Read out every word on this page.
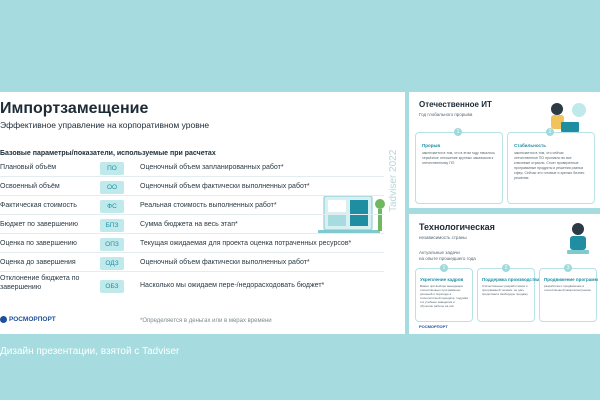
Импортзамещение
Эффективное управление на корпоративном уровне
Базовые параметры/показатели, используемые при расчетах
Плановый объём	ПО	Оценочный объем запланированных работ*
Освоенный объём	ОО	Оценочный объем фактически выполненных работ*
Фактическая стоимость	ФС	Реальная стоимость выполненных работ*
Бюджет по завершению	БПЗ	Сумма бюджета на весь этап*
Оценка по завершению	ОПЗ	Текущая ожидаемая для проекта оценка потраченных ресурсов*
Оценка до завершения	ОДЗ	Оценочный объем фактически выполненных работ*
Отклонение бюджета по завершению	ОБЗ	Насколько мы ожидаем пере-/недорасходовать бюджет*
РОСМОРПОРТ	*Определяется в деньгах или в мерах времени
Tadviser 2022
Отечественное ИТ
Год глобального прорыва
1
Прорыв
заключается в том, что в этом году началось серьёзное отношение крупных заказчиков к отечественному ПО
2
Стабильность
заключается в том, что сейчас отечественное ПО проникло во все ключевые отрасли. Стоят проверенные программные продукты и решения разных сфер. Сейчас это готовые и зрелые бизнес решения
Технологическая
независимость страны
Актуальные задачи
на опыте прошедшего года
1
Укрепление кадров
Важно при выборе менеджера отечественных программных решений и переходе в технологичной передаче, подумав и в учебные заведения и обучение работы на них
2
Поддержка производства
Отечественных разработчиков и программной техники, не дать средствам в свободную продажу
3
Продвижение программ
разработка и продвижение в отечественной микроэлектронике
РОСМОРПОРТ
Дизайн презентации, взятой с Tadviser
